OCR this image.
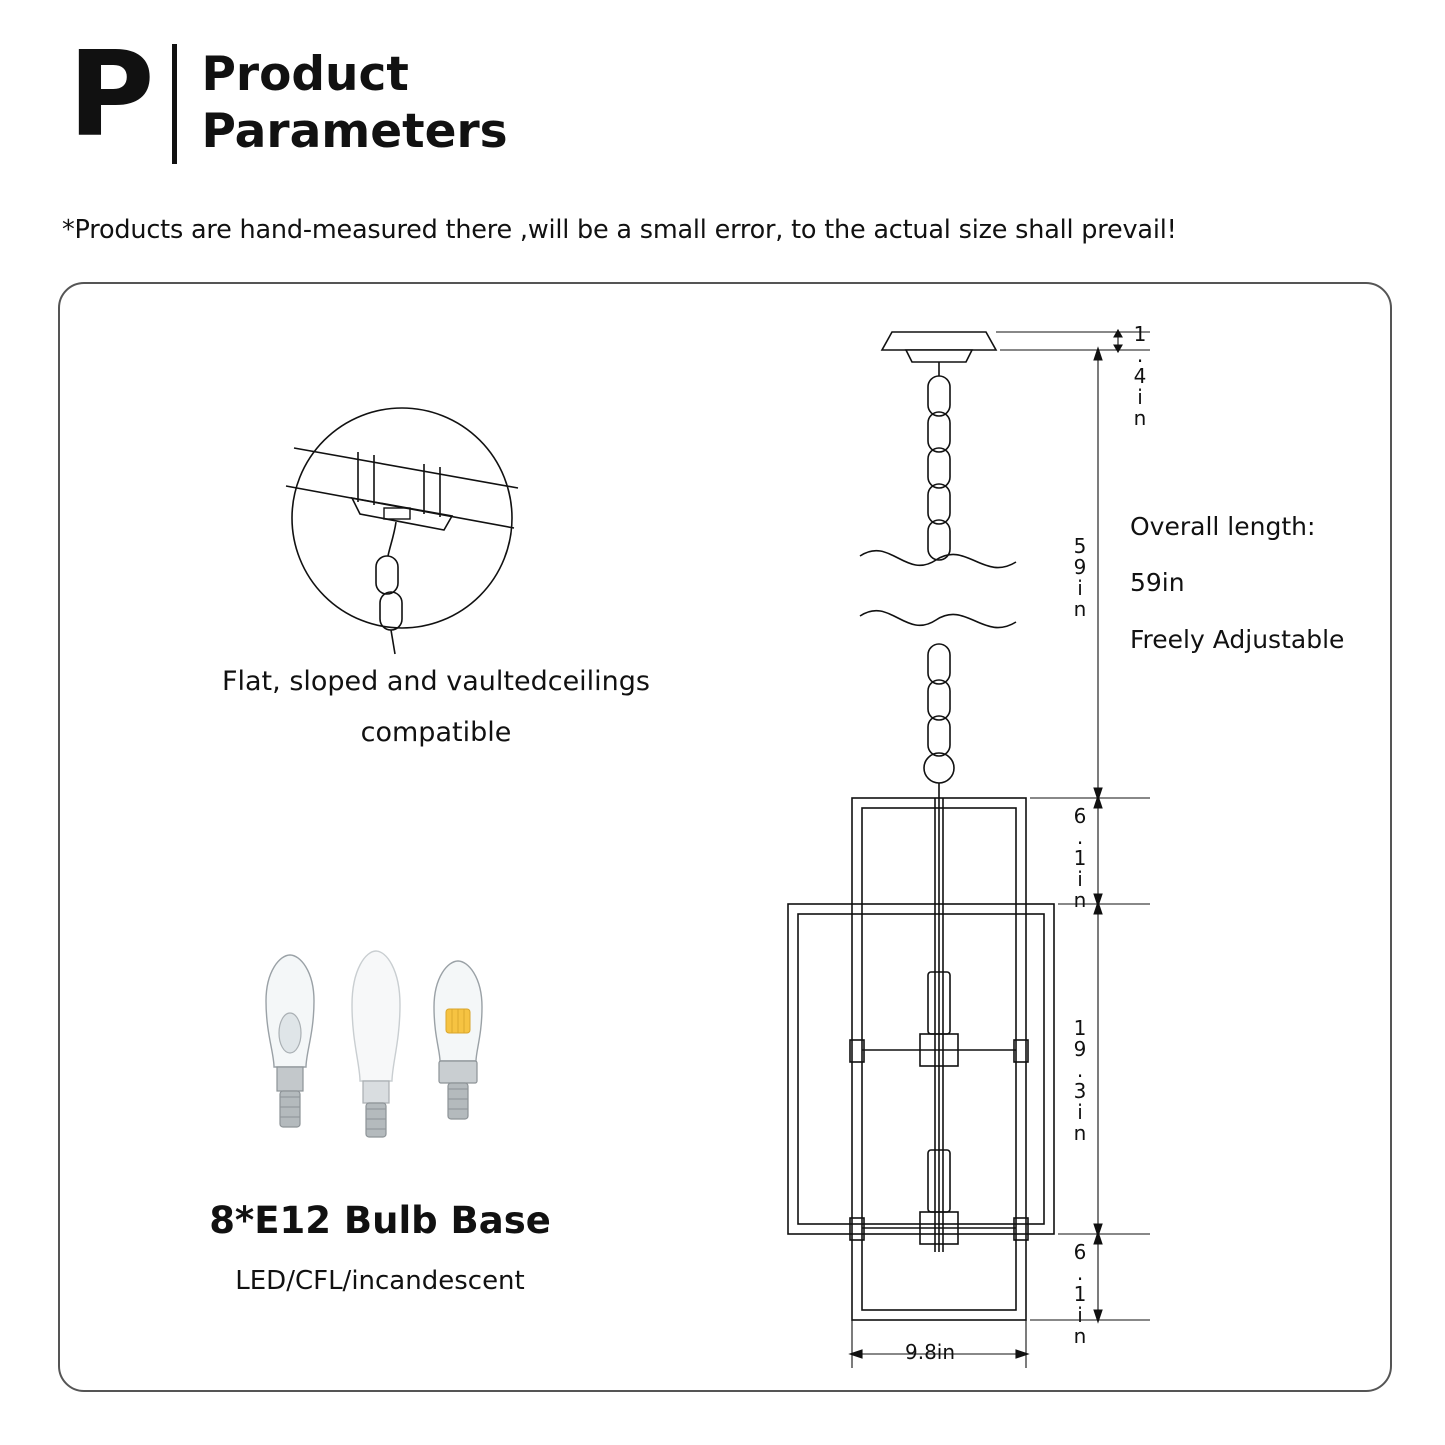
P Product
Parameters
*Products are hand-measured there ,will be a small error, to the actual size shall prevail!
Flat, sloped and vaultedceilings
compatible
8*E12 Bulb Base
LED/CFL/incandescent
Overall length:
59in
Freely Adjustable
1.4in
59in
6.1in
19.3in
6.1in
9.8in
